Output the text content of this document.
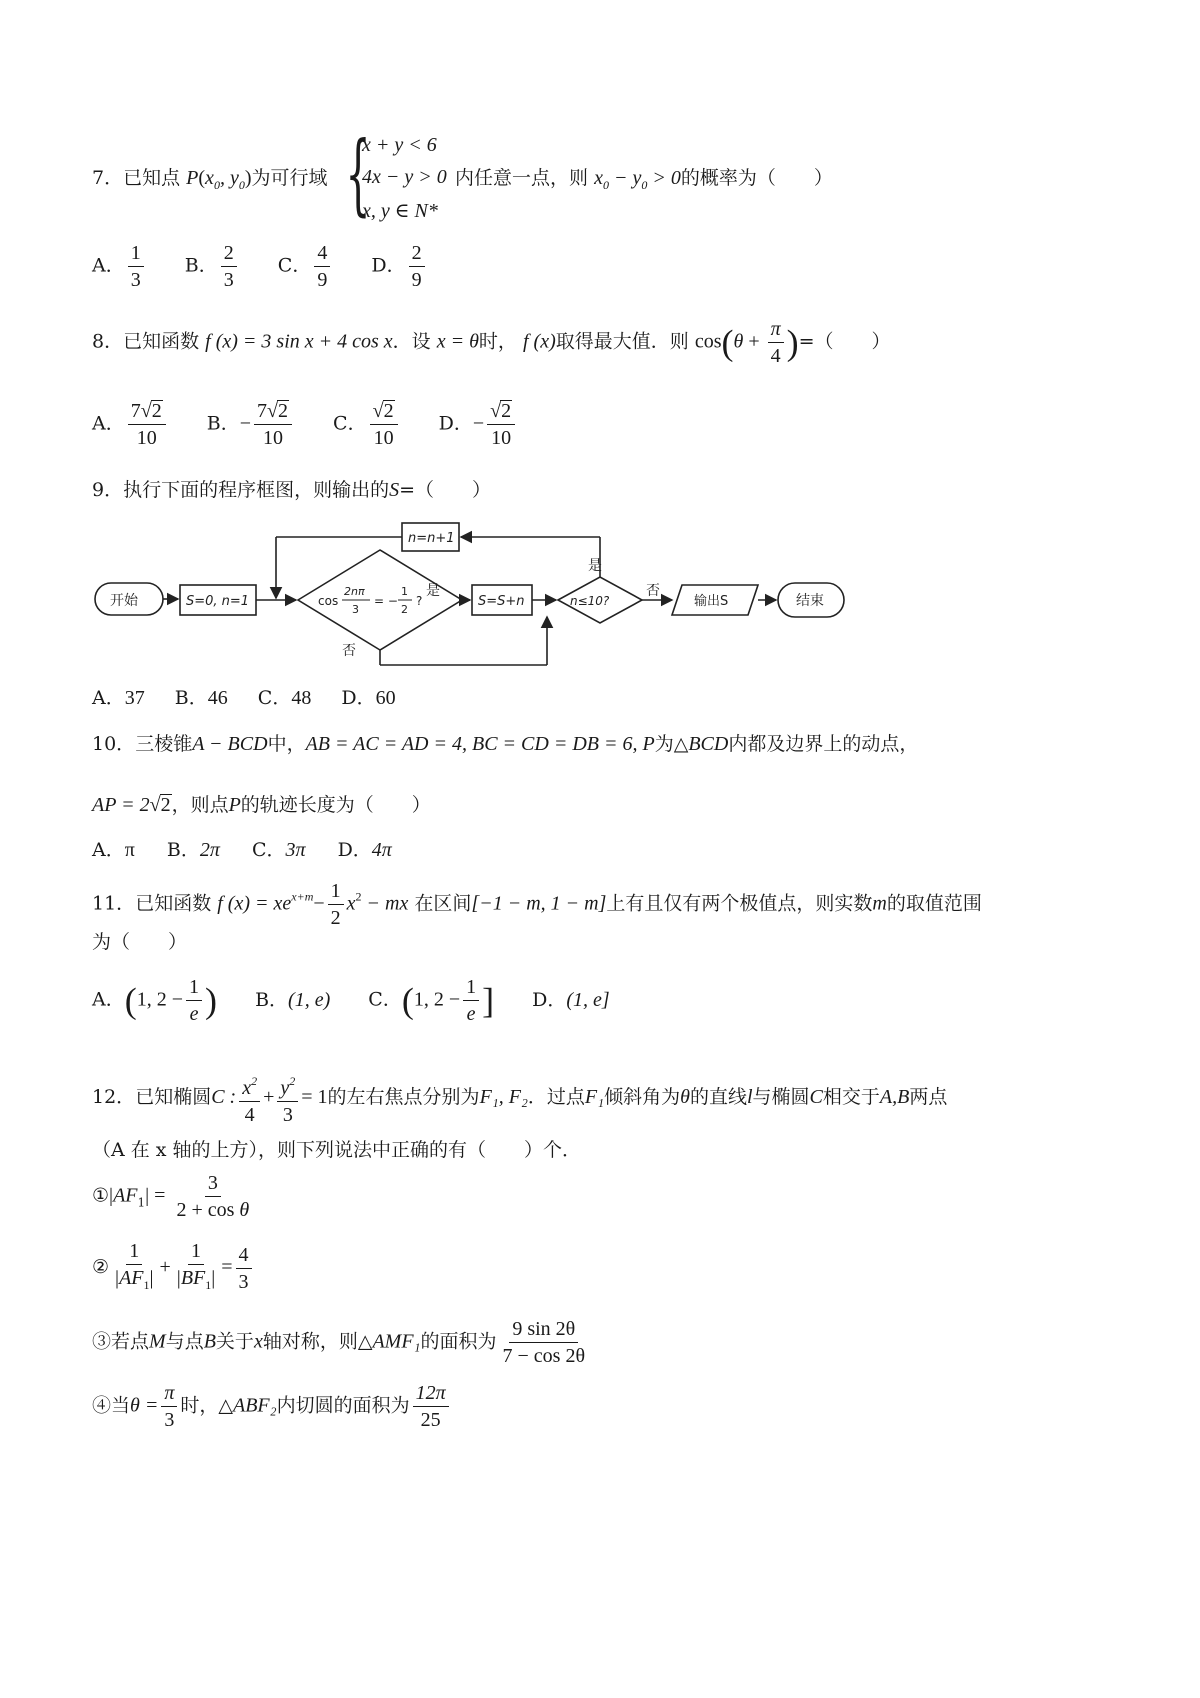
7．已知点 $P(x_0$, $y_0$)为可行域 {
x + y < 6
4x − y > 0
x, y ∈ N*
内任意一点，则 $x_0 - y_0 > 0$的概率为（　　）
A． $\frac{1}{3}$ B． $\frac{2}{3}$ C． $\frac{4}{9}$ D． $\frac{2}{9}$
8．已知函数 f (x) = 3 sin x + 4 cos x．设 x = θ时， f (x)取得最大值．则 $\cos(\theta + \frac{\pi}{4}$ )=（　　）
A． $\frac{7√2}{10}$ B．− $\frac{7√2}{10}$ C． $\frac{√2}{10}$ D．− $\frac{√2}{10}$
9．执行下面的程序框图，则输出的S=（　　）
开始	S=0, n=1	cos
2nπ
3
= −
1
2
?
是
否
S=S+n	n≤10?
是
否
n=n+1
输出S	结束
A．37 B．46 C．48 D．60
10．三棱锥A − BCD中，AB = AC = AD = 4, BC = CD = DB = 6, P为△BCD内都及边界上的动点，
AP = 2√2，则点P的轨迹长度为（　　）
A．π B．2π C．3π D．4π
11．已知函数 f $(x) = xe^{x+m}- \frac{1}{2} x^2$ − mx 在区间[−1 − m, 1 − m]上有且仅有两个极值点，则实数m的取值范围
为（　　）
A．(1, $2 - \frac{1}{e}$ ) B．(1, e) C．(1, $2 - \frac{1}{e}$ ] D．(1, e]
12．已知椭圆C : $\frac{x^2}{4} + \frac{y^2}{3} = 1$的左右焦点分别为F₁, F₂．过点F₁倾斜角为θ的直线l与椭圆C相交于A,B两点
（A 在 x 轴的上方），则下列说法中正确的有（　　）个．
$①|AF_1| = \frac{3}{\text{2 + cos θ}}$
② $\frac{1}{|AF_1|} + \frac{1}{|BF_1|} = \frac{4}{3}$
③若点M与点B关于x轴对称，则△AMF₁的面积为 $\frac{9 \sin 2\theta}{7 - \cos 2\theta}$
④当$\theta = \frac{\pi}{3}$ 时，△ABF₂内切圆的面积为 $\frac{12\pi}{25}$
